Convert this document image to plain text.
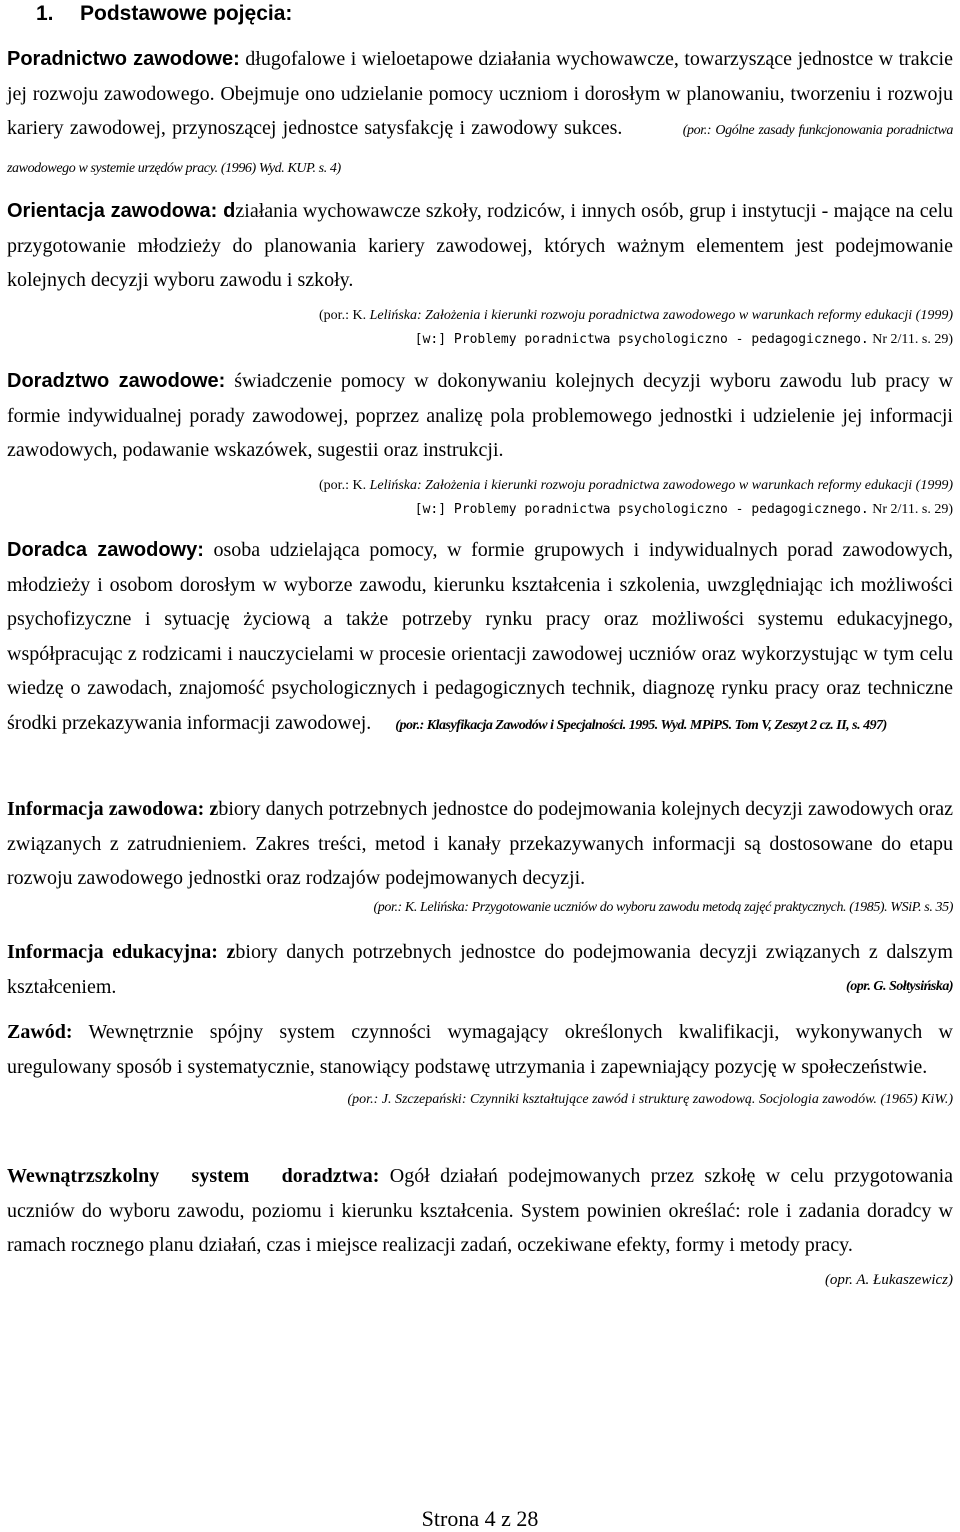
1. Podstawowe pojęcia:

Poradnictwo zawodowe: długofalowe i wieloetapowe działania wychowawcze, towarzyszące jednostce w trakcie jej rozwoju zawodowego. Obejmuje ono udzielanie pomocy uczniom i dorosłym w planowaniu, tworzeniu i rozwoju kariery zawodowej, przynoszącej jednostce satysfakcję i zawodowy sukces.	(por.: Ogólne zasady funkcjonowania poradnictwa zawodowego w systemie urzędów pracy. (1996) Wyd. KUP. s. 4)

Orientacja zawodowa: działania wychowawcze szkoły, rodziców, i innych osób, grup i instytucji - mające na celu przygotowanie młodzieży do planowania kariery zawodowej, których ważnym elementem jest podejmowanie kolejnych decyzji wyboru zawodu i szkoły.
(por.: K. Lelińska: Założenia i kierunki rozwoju poradnictwa zawodowego w warunkach reformy edukacji (1999)
[w:] Problemy poradnictwa psychologiczno - pedagogicznego. Nr 2/11. s. 29)
Doradztwo zawodowe: świadczenie pomocy w dokonywaniu kolejnych decyzji wyboru zawodu lub pracy w formie indywidualnej porady zawodowej, poprzez analizę pola problemowego jednostki i udzielenie jej informacji zawodowych, podawanie wskazówek, sugestii oraz instrukcji.
(por.: K. Lelińska: Założenia i kierunki rozwoju poradnictwa zawodowego w warunkach reformy edukacji (1999)
[w:] Problemy poradnictwa psychologiczno - pedagogicznego. Nr 2/11. s. 29)

Doradca zawodowy: osoba udzielająca pomocy, w formie grupowych i indywidualnych porad zawodowych, młodzieży i osobom dorosłym w wyborze zawodu, kierunku kształcenia i szkolenia, uwzględniając ich możliwości psychofizyczne i sytuację życiową a także potrzeby rynku pracy oraz możliwości systemu edukacyjnego, współpracując z rodzicami i nauczycielami w procesie orientacji zawodowej uczniów oraz wykorzystując w tym celu wiedzę o zawodach, znajomość psychologicznych i pedagogicznych technik, diagnozę rynku pracy oraz techniczne środki przekazywania informacji zawodowej. (por.: Klasyfikacja Zawodów i Specjalności. 1995. Wyd. MPiPS. Tom V, Zeszyt 2 cz. II, s. 497)

Informacja zawodowa: zbiory danych potrzebnych jednostce do podejmowania kolejnych decyzji zawodowych oraz związanych z zatrudnieniem. Zakres treści, metod i kanały przekazywanych informacji są dostosowane do etapu rozwoju zawodowego jednostki oraz rodzajów podejmowanych decyzji.
(por.: K. Lelińska: Przygotowanie uczniów do wyboru zawodu metodą zajęć praktycznych. (1985). WSiP. s. 35)
Informacja edukacyjna: zbiory danych potrzebnych jednostce do podejmowania decyzji związanych z dalszym kształceniem.	(opr. G. Sołtysińska)
Zawód: Wewnętrznie spójny system czynności wymagający określonych kwalifikacji, wykonywanych w uregulowany sposób i systematycznie, stanowiący podstawę utrzymania i zapewniający pozycję w społeczeństwie.
(por.: J. Szczepański: Czynniki kształtujące zawód i strukturę zawodową. Socjologia zawodów. (1965) KiW.)
Wewnątrzszkolny system doradztwa: Ogół działań podejmowanych przez szkołę w celu przygotowania uczniów do wyboru zawodu, poziomu i kierunku kształcenia. System powinien określać: role i zadania doradcy w ramach rocznego planu działań, czas i miejsce realizacji zadań, oczekiwane efekty, formy i metody pracy.
(opr. A. Łukaszewicz)
Strona 4 z 28
